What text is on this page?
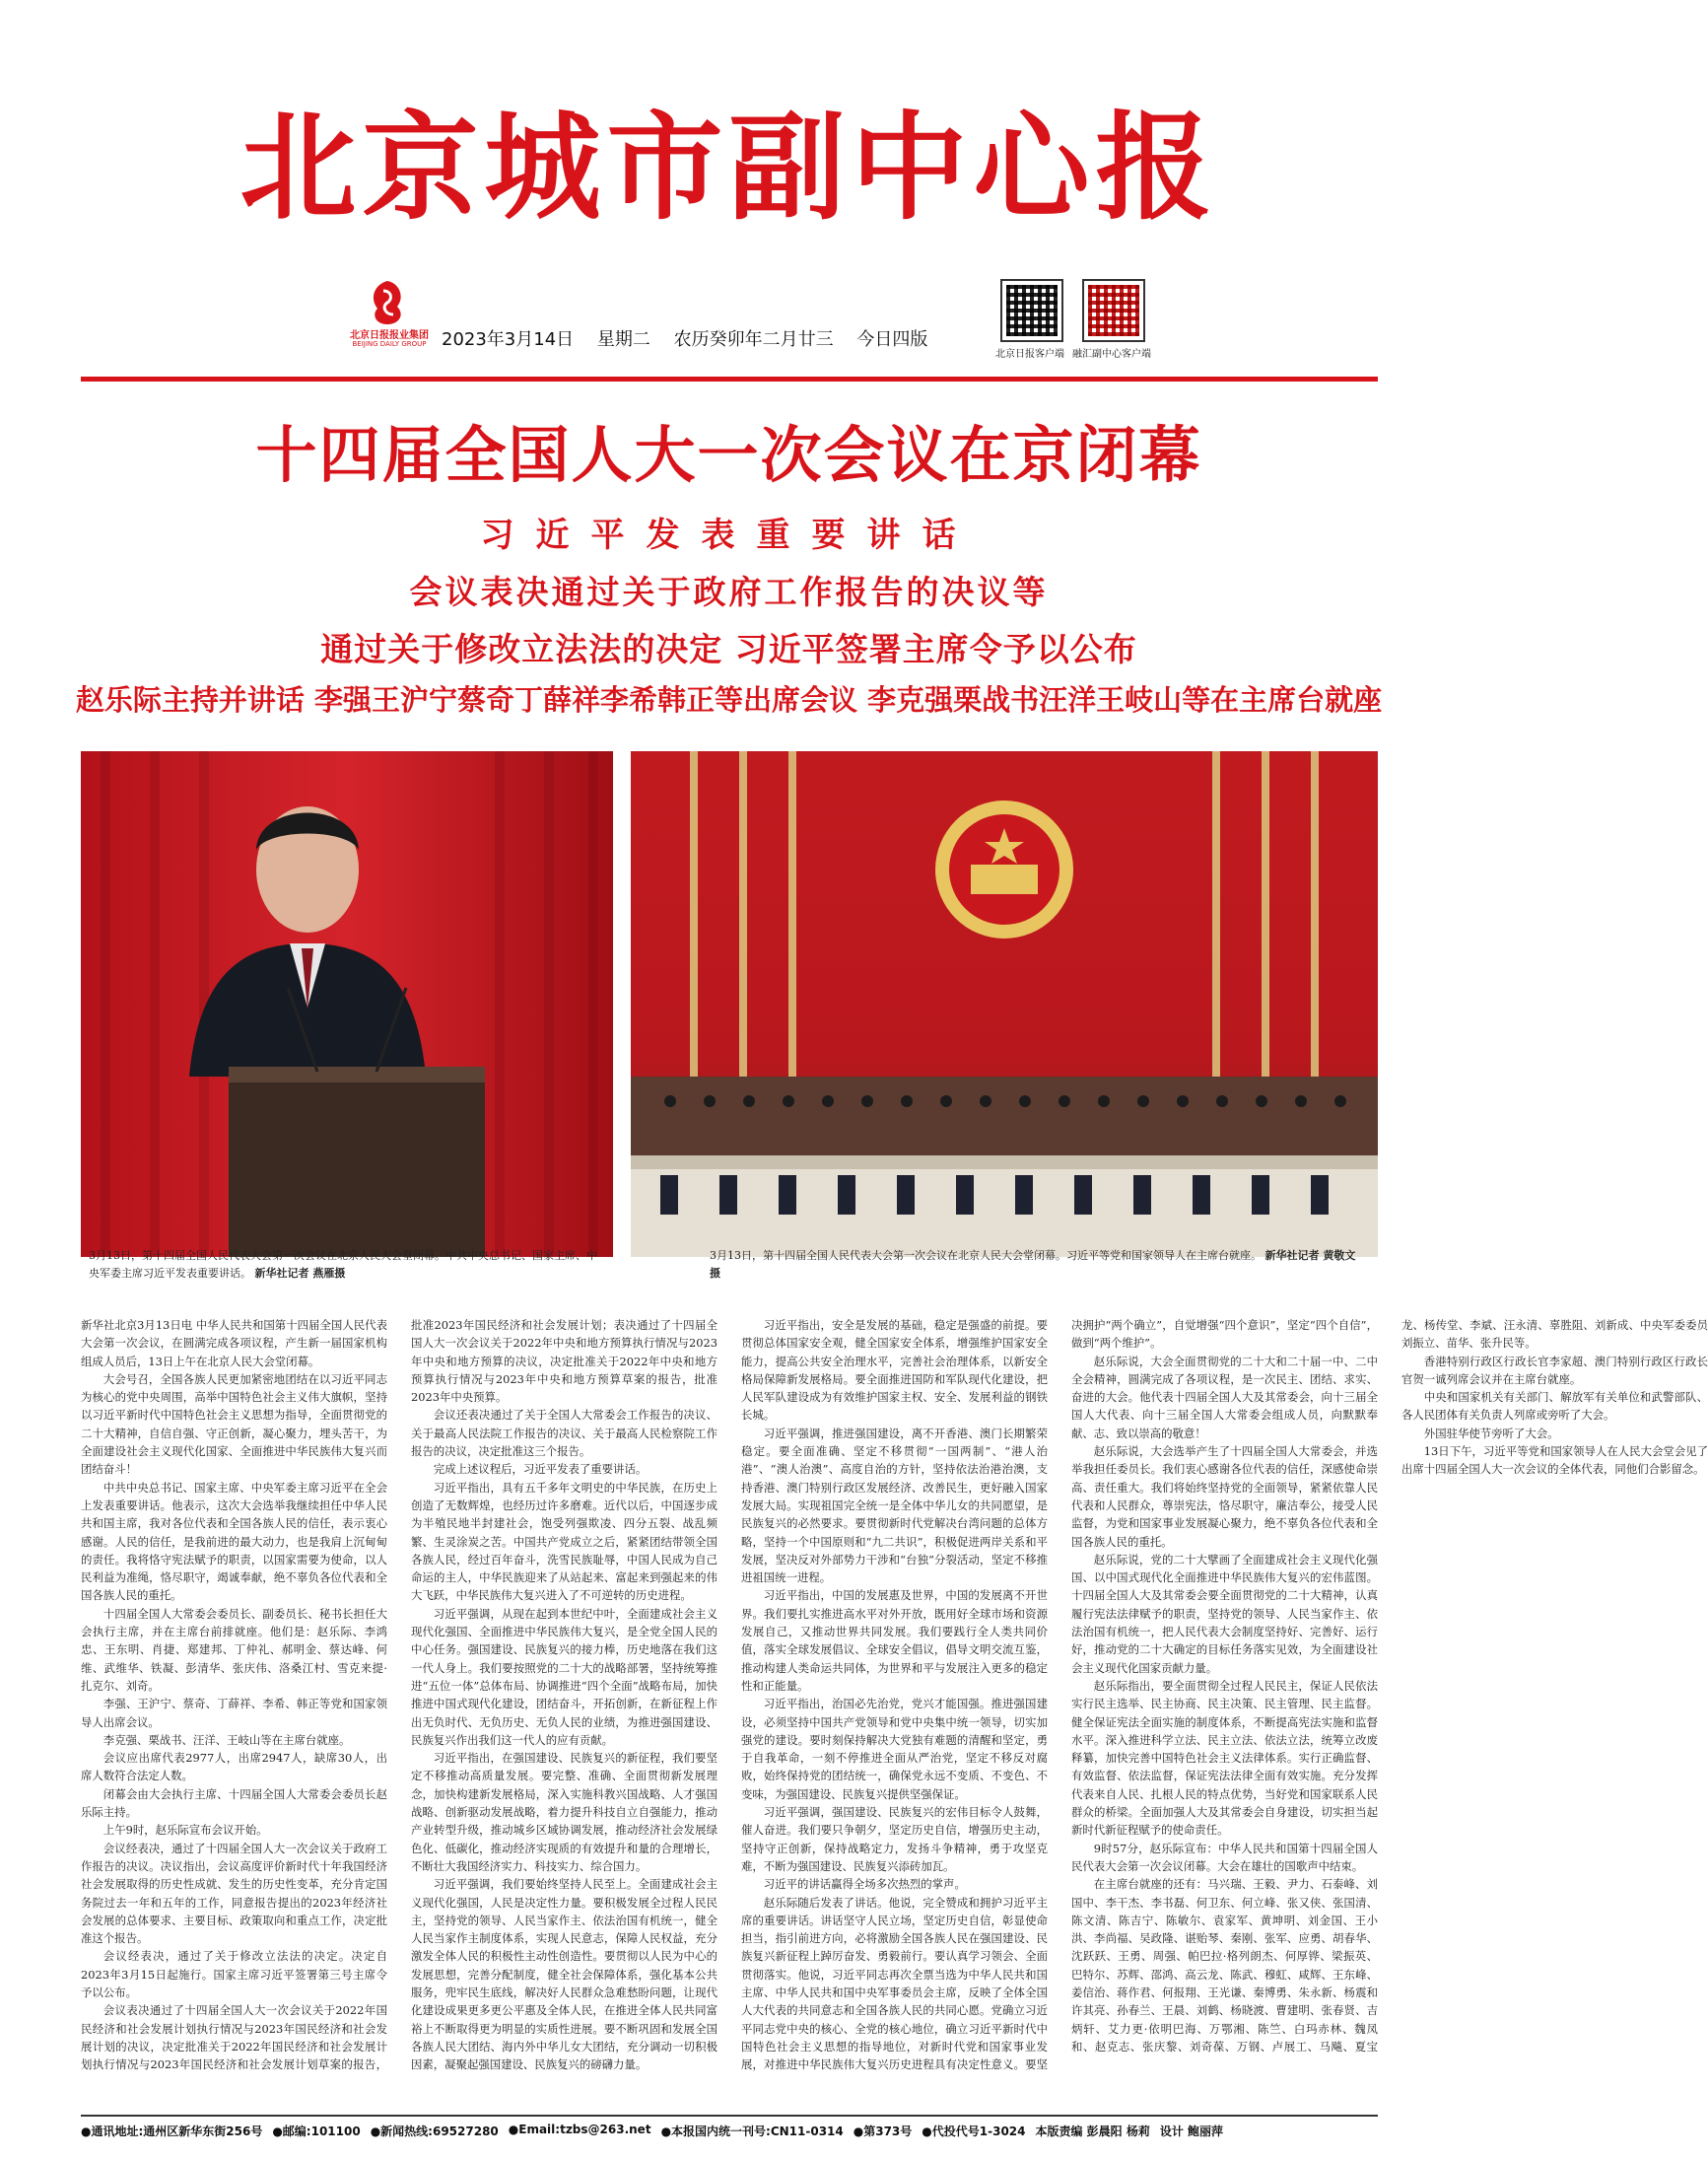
北京城市副中心报
北京日报报业集团
BEIJING DAILY GROUP 2023年3月14日 星期二 农历癸卯年二月廿三 今日四版
北京日报客户端 融汇副中心客户端
十四届全国人大一次会议在京闭幕
习近平发表重要讲话
会议表决通过关于政府工作报告的决议等
通过关于修改立法法的决定 习近平签署主席令予以公布
赵乐际主持并讲话 李强王沪宁蔡奇丁薛祥李希韩正等出席会议 李克强栗战书汪洋王岐山等在主席台就座
3月13日，第十四届全国人民代表大会第一次会议在北京人民大会堂闭幕。中共中央总书记、国家主席、中央军委主席习近平发表重要讲话。 新华社记者 燕雁摄
3月13日，第十四届全国人民代表大会第一次会议在北京人民大会堂闭幕。习近平等党和国家领导人在主席台就座。 新华社记者 黄敬文摄

新华社北京3月13日电 中华人民共和国第十四届全国人民代表大会第一次会议，在圆满完成各项议程，产生新一届国家机构组成人员后，13日上午在北京人民大会堂闭幕。

大会号召，全国各族人民更加紧密地团结在以习近平同志为核心的党中央周围，高举中国特色社会主义伟大旗帜，坚持以习近平新时代中国特色社会主义思想为指导，全面贯彻党的二十大精神，自信自强、守正创新，凝心聚力，埋头苦干，为全面建设社会主义现代化国家、全面推进中华民族伟大复兴而团结奋斗！

中共中央总书记、国家主席、中央军委主席习近平在全会上发表重要讲话。他表示，这次大会选举我继续担任中华人民共和国主席，我对各位代表和全国各族人民的信任，表示衷心感谢。人民的信任，是我前进的最大动力，也是我肩上沉甸甸的责任。我将恪守宪法赋予的职责，以国家需要为使命，以人民利益为准绳，恪尽职守，竭诚奉献，绝不辜负各位代表和全国各族人民的重托。

十四届全国人大常委会委员长、副委员长、秘书长担任大会执行主席，并在主席台前排就座。他们是：赵乐际、李鸿忠、王东明、肖捷、郑建邦、丁仲礼、郝明金、蔡达峰、何维、武维华、铁凝、彭清华、张庆伟、洛桑江村、雪克来提·扎克尔、刘奇。

李强、王沪宁、蔡奇、丁薛祥、李希、韩正等党和国家领导人出席会议。

李克强、栗战书、汪洋、王岐山等在主席台就座。

会议应出席代表2977人，出席2947人，缺席30人，出席人数符合法定人数。

闭幕会由大会执行主席、十四届全国人大常委会委员长赵乐际主持。

上午9时，赵乐际宣布会议开始。

会议经表决，通过了十四届全国人大一次会议关于政府工作报告的决议。决议指出，会议高度评价新时代十年我国经济社会发展取得的历史性成就、发生的历史性变革，充分肯定国务院过去一年和五年的工作，同意报告提出的2023年经济社会发展的总体要求、主要目标、政策取向和重点工作，决定批准这个报告。

会议经表决，通过了关于修改立法法的决定。决定自2023年3月15日起施行。国家主席习近平签署第三号主席令予以公布。

会议表决通过了十四届全国人大一次会议关于2022年国民经济和社会发展计划执行情况与2023年国民经济和社会发展计划的决议，决定批准关于2022年国民经济和社会发展计划执行情况与2023年国民经济和社会发展计划草案的报告，批准2023年国民经济和社会发展计划；表决通过了十四届全国人大一次会议关于2022年中央和地方预算执行情况与2023年中央和地方预算的决议，决定批准关于2022年中央和地方预算执行情况与2023年中央和地方预算草案的报告，批准2023年中央预算。

会议还表决通过了关于全国人大常委会工作报告的决议、关于最高人民法院工作报告的决议、关于最高人民检察院工作报告的决议，决定批准这三个报告。

完成上述议程后，习近平发表了重要讲话。

习近平指出，具有五千多年文明史的中华民族，在历史上创造了无数辉煌，也经历过许多磨难。近代以后，中国逐步成为半殖民地半封建社会，饱受列强欺凌、四分五裂、战乱频繁、生灵涂炭之苦。中国共产党成立之后，紧紧团结带领全国各族人民，经过百年奋斗，洗雪民族耻辱，中国人民成为自己命运的主人，中华民族迎来了从站起来、富起来到强起来的伟大飞跃，中华民族伟大复兴进入了不可逆转的历史进程。

习近平强调，从现在起到本世纪中叶，全面建成社会主义现代化强国、全面推进中华民族伟大复兴，是全党全国人民的中心任务。强国建设、民族复兴的接力棒，历史地落在我们这一代人身上。我们要按照党的二十大的战略部署，坚持统筹推进“五位一体”总体布局、协调推进“四个全面”战略布局，加快推进中国式现代化建设，团结奋斗，开拓创新，在新征程上作出无负时代、无负历史、无负人民的业绩，为推进强国建设、民族复兴作出我们这一代人的应有贡献。

习近平指出，在强国建设、民族复兴的新征程，我们要坚定不移推动高质量发展。要完整、准确、全面贯彻新发展理念，加快构建新发展格局，深入实施科教兴国战略、人才强国战略、创新驱动发展战略，着力提升科技自立自强能力，推动产业转型升级，推动城乡区域协调发展，推动经济社会发展绿色化、低碳化，推动经济实现质的有效提升和量的合理增长，不断壮大我国经济实力、科技实力、综合国力。

习近平强调，我们要始终坚持人民至上。全面建成社会主义现代化强国，人民是决定性力量。要积极发展全过程人民民主，坚持党的领导、人民当家作主、依法治国有机统一，健全人民当家作主制度体系，实现人民意志，保障人民权益，充分激发全体人民的积极性主动性创造性。要贯彻以人民为中心的发展思想，完善分配制度，健全社会保障体系，强化基本公共服务，兜牢民生底线，解决好人民群众急难愁盼问题，让现代化建设成果更多更公平惠及全体人民，在推进全体人民共同富裕上不断取得更为明显的实质性进展。要不断巩固和发展全国各族人民大团结、海内外中华儿女大团结，充分调动一切积极因素，凝聚起强国建设、民族复兴的磅礴力量。

习近平指出，安全是发展的基础，稳定是强盛的前提。要贯彻总体国家安全观，健全国家安全体系，增强维护国家安全能力，提高公共安全治理水平，完善社会治理体系，以新安全格局保障新发展格局。要全面推进国防和军队现代化建设，把人民军队建设成为有效维护国家主权、安全、发展利益的钢铁长城。

习近平强调，推进强国建设，离不开香港、澳门长期繁荣稳定。要全面准确、坚定不移贯彻“一国两制”、“港人治港”、“澳人治澳”、高度自治的方针，坚持依法治港治澳，支持香港、澳门特别行政区发展经济、改善民生，更好融入国家发展大局。实现祖国完全统一是全体中华儿女的共同愿望，是民族复兴的必然要求。要贯彻新时代党解决台湾问题的总体方略，坚持一个中国原则和“九二共识”，积极促进两岸关系和平发展，坚决反对外部势力干涉和“台独”分裂活动，坚定不移推进祖国统一进程。

习近平指出，中国的发展惠及世界，中国的发展离不开世界。我们要扎实推进高水平对外开放，既用好全球市场和资源发展自己，又推动世界共同发展。我们要践行全人类共同价值，落实全球发展倡议、全球安全倡议，倡导文明交流互鉴，推动构建人类命运共同体，为世界和平与发展注入更多的稳定性和正能量。

习近平指出，治国必先治党，党兴才能国强。推进强国建设，必须坚持中国共产党领导和党中央集中统一领导，切实加强党的建设。要时刻保持解决大党独有难题的清醒和坚定，勇于自我革命，一刻不停推进全面从严治党，坚定不移反对腐败，始终保持党的团结统一，确保党永远不变质、不变色、不变味，为强国建设、民族复兴提供坚强保证。

习近平强调，强国建设、民族复兴的宏伟目标令人鼓舞，催人奋进。我们要只争朝夕，坚定历史自信，增强历史主动，坚持守正创新，保持战略定力，发扬斗争精神，勇于攻坚克难，不断为强国建设、民族复兴添砖加瓦。

习近平的讲话赢得全场多次热烈的掌声。

赵乐际随后发表了讲话。他说，完全赞成和拥护习近平主席的重要讲话。讲话坚守人民立场，坚定历史自信，彰显使命担当，指引前进方向，必将激励全国各族人民在强国建设、民族复兴新征程上踔厉奋发、勇毅前行。要认真学习领会、全面贯彻落实。他说，习近平同志再次全票当选为中华人民共和国主席、中华人民共和国中央军事委员会主席，反映了全体全国人大代表的共同意志和全国各族人民的共同心愿。党确立习近平同志党中央的核心、全党的核心地位，确立习近平新时代中国特色社会主义思想的指导地位，对新时代党和国家事业发展，对推进中华民族伟大复兴历史进程具有决定性意义。要坚决拥护“两个确立”，自觉增强“四个意识”，坚定“四个自信”，做到“两个维护”。

赵乐际说，大会全面贯彻党的二十大和二十届一中、二中全会精神，圆满完成了各项议程，是一次民主、团结、求实、奋进的大会。他代表十四届全国人大及其常委会，向十三届全国人大代表、向十三届全国人大常委会组成人员，向默默奉献、志、致以崇高的敬意！

赵乐际说，大会选举产生了十四届全国人大常委会，并选举我担任委员长。我们衷心感谢各位代表的信任，深感使命崇高、责任重大。我们将始终坚持党的全面领导，紧紧依靠人民代表和人民群众，尊崇宪法，恪尽职守，廉洁奉公，接受人民监督，为党和国家事业发展凝心聚力，绝不辜负各位代表和全国各族人民的重托。

赵乐际说，党的二十大擘画了全面建成社会主义现代化强国、以中国式现代化全面推进中华民族伟大复兴的宏伟蓝图。十四届全国人大及其常委会要全面贯彻党的二十大精神，认真履行宪法法律赋予的职责，坚持党的领导、人民当家作主、依法治国有机统一，把人民代表大会制度坚持好、完善好、运行好，推动党的二十大确定的目标任务落实见效，为全面建设社会主义现代化国家贡献力量。

赵乐际指出，要全面贯彻全过程人民民主，保证人民依法实行民主选举、民主协商、民主决策、民主管理、民主监督。健全保证宪法全面实施的制度体系，不断提高宪法实施和监督水平。深入推进科学立法、民主立法、依法立法，统筹立改废释纂，加快完善中国特色社会主义法律体系。实行正确监督、有效监督、依法监督，保证宪法法律全面有效实施。充分发挥代表来自人民、扎根人民的特点优势，当好党和国家联系人民群众的桥梁。全面加强人大及其常委会自身建设，切实担当起新时代新征程赋予的使命责任。

9时57分，赵乐际宣布：中华人民共和国第十四届全国人民代表大会第一次会议闭幕。大会在雄壮的国歌声中结束。

在主席台就座的还有：马兴瑞、王毅、尹力、石泰峰、刘国中、李干杰、李书磊、何卫东、何立峰、张又侠、张国清、陈文清、陈吉宁、陈敏尔、袁家军、黄坤明、刘金国、王小洪、李尚福、吴政隆、谌贻琴、秦刚、张军、应勇、胡春华、沈跃跃、王勇、周强、帕巴拉·格列朗杰、何厚铧、梁振英、巴特尔、苏辉、邵鸿、高云龙、陈武、穆虹、咸辉、王东峰、姜信治、蒋作君、何报翔、王光谦、秦博勇、朱永新、杨震和许其亮、孙春兰、王晨、刘鹤、杨晓渡、曹建明、张春贤、吉炳轩、艾力更·依明巴海、万鄂湘、陈竺、白玛赤林、魏凤和、赵克志、张庆黎、刘奇葆、万钢、卢展工、马飚、夏宝龙、杨传堂、李斌、汪永清、辜胜阻、刘新成、中央军委委员刘振立、苗华、张升民等。

香港特别行政区行政长官李家超、澳门特别行政区行政长官贺一诚列席会议并在主席台就座。

中央和国家机关有关部门、解放军有关单位和武警部队、各人民团体有关负责人列席或旁听了大会。

外国驻华使节旁听了大会。

13日下午，习近平等党和国家领导人在人民大会堂会见了出席十四届全国人大一次会议的全体代表，同他们合影留念。

●通讯地址:通州区新华东街256号 ●邮编:101100 ●新闻热线:69527280 ●Email:tzbs@263.net ●本报国内统一刊号:CN11-0314 ●第373号 ●代投代号1-3024 本版责编 彭晨阳 杨莉 设计 鲍丽萍
